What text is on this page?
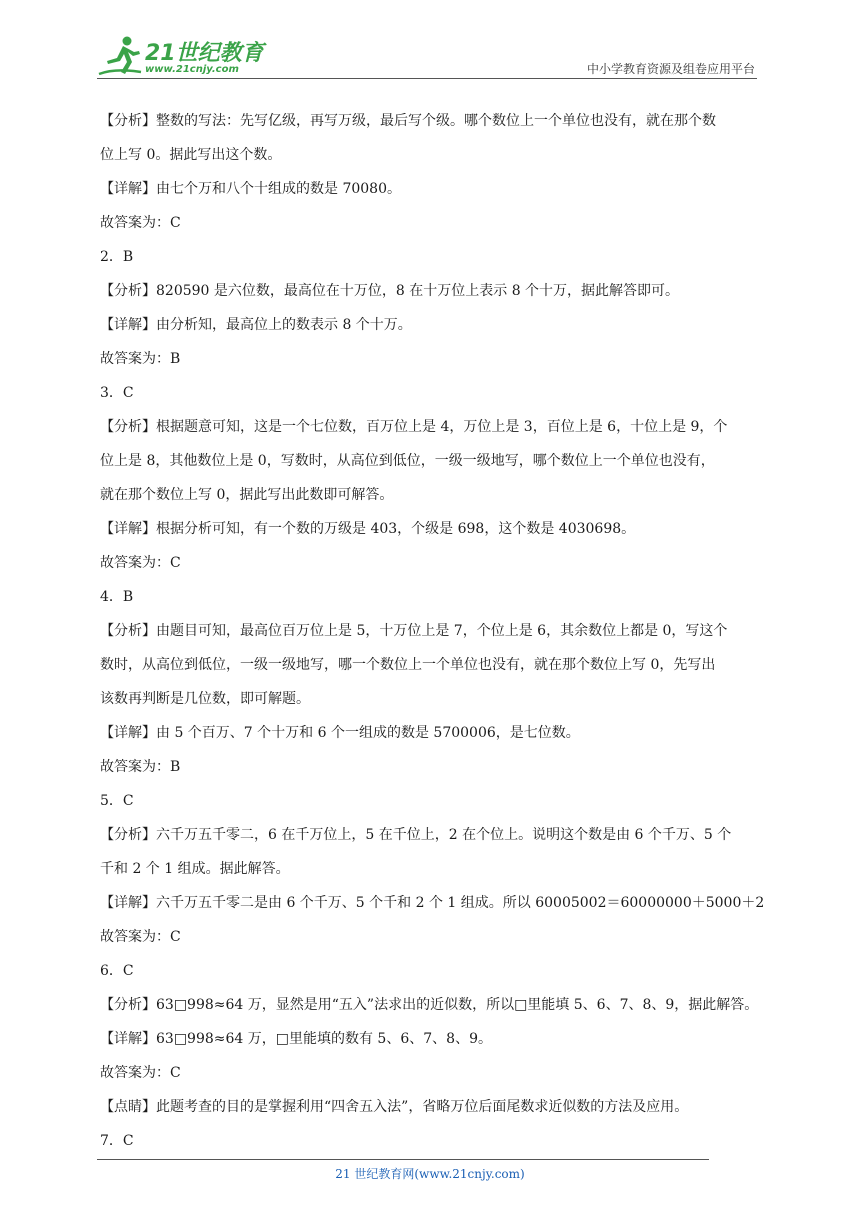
21世纪教育
www.21cnjy.com	中小学教育资源及组卷应用平台
【分析】整数的写法：先写亿级，再写万级，最后写个级。哪个数位上一个单位也没有，就在那个数
位上写 0。据此写出这个数。
【详解】由七个万和八个十组成的数是 70080。
故答案为：C
2．B
【分析】820590 是六位数，最高位在十万位，8 在十万位上表示 8 个十万，据此解答即可。
【详解】由分析知，最高位上的数表示 8 个十万。
故答案为：B
3．C
【分析】根据题意可知，这是一个七位数，百万位上是 4，万位上是 3，百位上是 6，十位上是 9，个
位上是 8，其他数位上是 0，写数时，从高位到低位，一级一级地写，哪个数位上一个单位也没有，
就在那个数位上写 0，据此写出此数即可解答。
【详解】根据分析可知，有一个数的万级是 403，个级是 698，这个数是 4030698。
故答案为：C
4．B
【分析】由题目可知，最高位百万位上是 5，十万位上是 7，个位上是 6，其余数位上都是 0，写这个
数时，从高位到低位，一级一级地写，哪一个数位上一个单位也没有，就在那个数位上写 0，先写出
该数再判断是几位数，即可解题。
【详解】由 5 个百万、7 个十万和 6 个一组成的数是 5700006，是七位数。
故答案为：B
5．C
【分析】六千万五千零二，6 在千万位上，5 在千位上，2 在个位上。说明这个数是由 6 个千万、5 个
千和 2 个 1 组成。据此解答。
【详解】六千万五千零二是由 6 个千万、5 个千和 2 个 1 组成。所以 60005002＝60000000＋5000＋2
故答案为：C
6．C
【分析】63□998≈64 万，显然是用“五入”法求出的近似数，所以□里能填 5、6、7、8、9，据此解答。
【详解】63□998≈64 万，□里能填的数有 5、6、7、8、9。
故答案为：C
【点睛】此题考查的目的是掌握利用“四舍五入法”，省略万位后面尾数求近似数的方法及应用。
7．C
21 世纪教育网(www.21cnjy.com)
